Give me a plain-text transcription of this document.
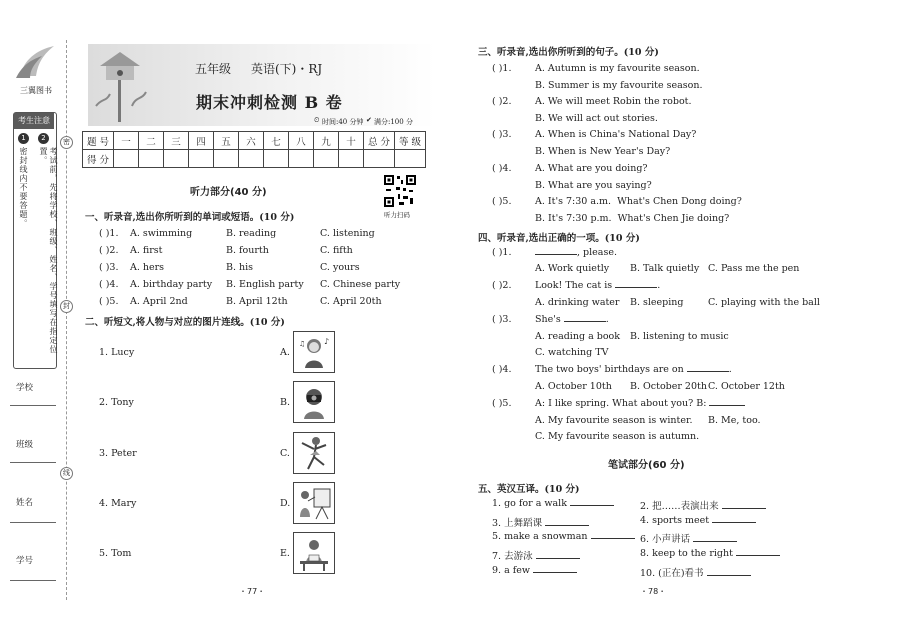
三翼图书
考生注意
1
密封线内不要答题。
2
考试前，先将学校、班级、姓名、学号填写在指定位置。
密
封
线
学校
班级
姓名
学号
五年级 英语(下)・RJ
期末冲刺检测 B 卷
⏲ 时间:40 分钟 ✔ 满分:100 分
题 号	一	二	三	四	五	六	七	八	九	十	总 分	等 级
得 分												
听力部分(40 分)
听力扫码
一、听录音,选出你所听到的单词或短语。(10 分)
( )1. A. swimming	B. reading	C. listening
( )2. A. first	B. fourth	C. fifth
( )3. A. hers	B. his	C. yours
( )4. A. birthday party B. English party C. Chinese party
( )5. A. April 2nd	B. April 12th	C. April 20th
二、听短文,将人物与对应的图片连线。(10 分)
1. Lucy
2. Tony
3. Peter
4. Mary
5. Tom
A.
♪
♫
B.
C.
D.
E.
・77・
三、听录音,选出你所听到的句子。(10 分)
( )1. A. Autumn is my favourite season.
B. Summer is my favourite season.
( )2. A. We will meet Robin the robot.
B. We will act out stories.
( )3. A. When is China's National Day?
B. When is New Year's Day?
( )4. A. What are you doing?
B. What are you saying?
( )5. A. It's 7:30 a.m.  What's Chen Dong doing?
B. It's 7:30 p.m.  What's Chen Jie doing?
四、听录音,选出正确的一项。(10 分)
( )1.	, please.
A. Work quietly B. Talk quietly C. Pass me the pen
( )2. Look! The cat is	.
A. drinking water B. sleeping	C. playing with the ball
( )3. She's	.
A. reading a book B. listening to music
C. watching TV
( )4. The two boys' birthdays are on	.
A. October 10th B. October 20th C. October 12th
( )5. A: I like spring. What about you? B:
A. My favourite season is winter. B. Me, too.
C. My favourite season is autumn.
笔试部分(60 分)
五、英汉互译。(10 分)
1. go for a walk	2. 把……表演出来
3. 上舞蹈课	4. sports meet
5. make a snowman	6. 小声讲话
7. 去游泳	8. keep to the right
9. a few	10. (正在)看书
・78・
